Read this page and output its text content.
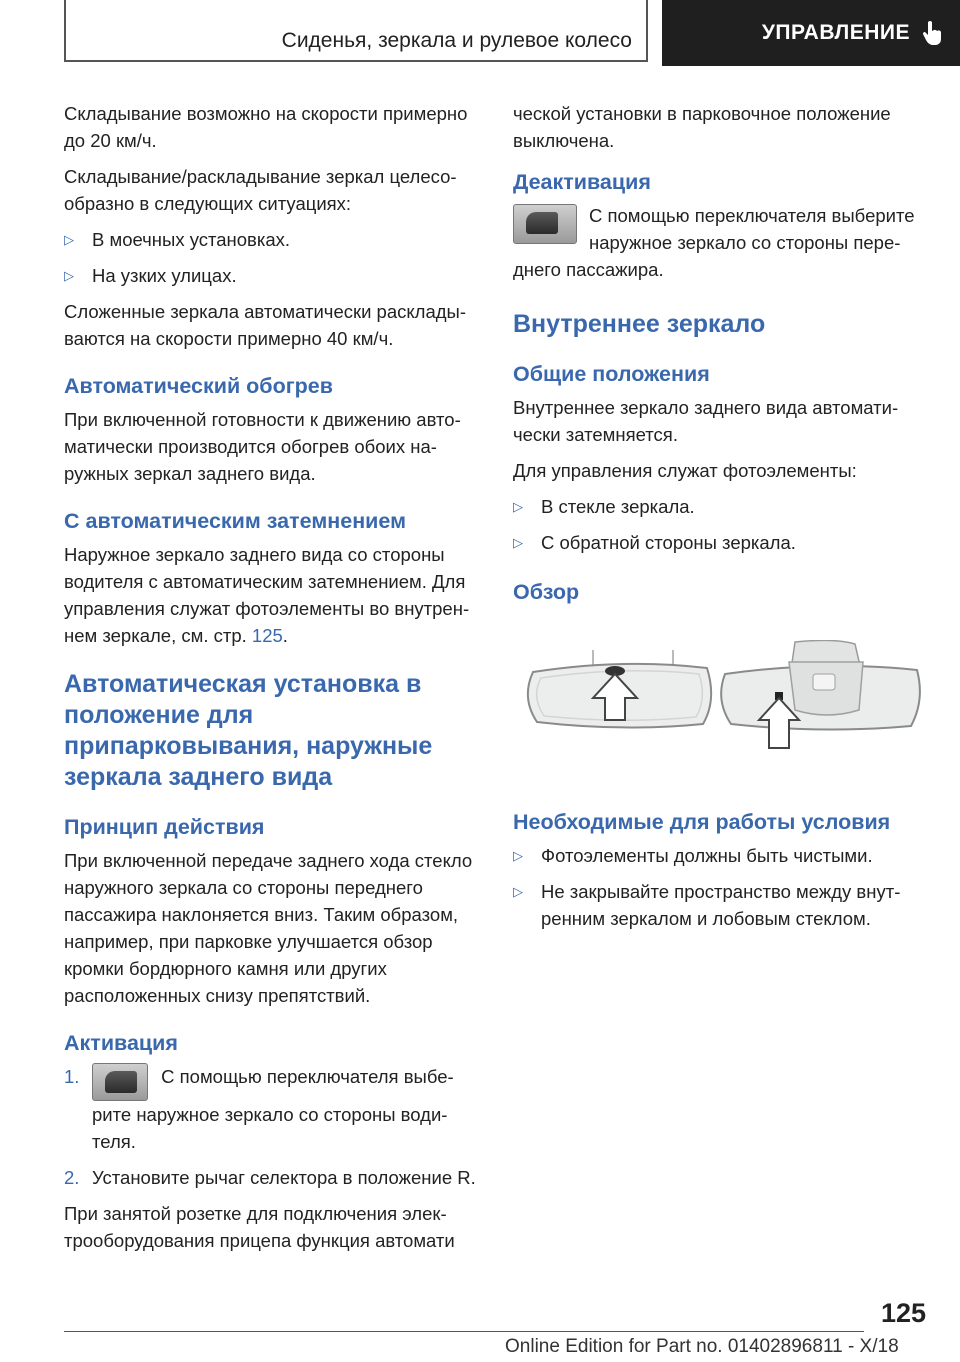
Сиденья, зеркала и рулевое колесо	УПРАВЛЕНИЕ

Складывание возможно на скорости примерно до 20 км/ч.

Складывание/раскладывание зеркал целесообразно в следующих ситуациях:

▷ В моечных установках.
▷ На узких улицах.

Сложенные зеркала автоматически раскладываются на скорости примерно 40 км/ч.

Автоматический обогрев

При включенной готовности к движению автоматически производится обогрев обоих наружных зеркал заднего вида.

С автоматическим затемнением

Наружное зеркало заднего вида со стороны водителя с автоматическим затемнением. Для управления служат фотоэлементы во внутреннем зеркале, см. стр. 125.

Автоматическая установка в положение для припарковывания, наружные зеркала заднего вида
Принцип действия

При включенной передаче заднего хода стекло наружного зеркала со стороны переднего пассажира наклоняется вниз. Таким образом, например, при парковке улучшается обзор кромки бордюрного камня или других расположенных снизу препятствий.

Активация
1.	С помощью переключателя выберите наружное зеркало со стороны водителя.
2. Установите рычаг селектора в положение R.

При занятой розетке для подключения электрооборудования прицепа функция автомати

ческой установки в парковочное положение выключена.

Деактивация

С помощью переключателя выберите наружное зеркало со стороны переднего пассажира.

Внутреннее зеркало
Общие положения

Внутреннее зеркало заднего вида автоматически затемняется.

Для управления служат фотоэлементы:

▷ В стекле зеркала.
▷ С обратной стороны зеркала.
Обзор
Необходимые для работы условия
▷ Фотоэлементы должны быть чистыми.
▷ Не закрывайте пространство между внутренним зеркалом и лобовым стеклом.
125
Online Edition for Part no. 01402896811 - X/18
